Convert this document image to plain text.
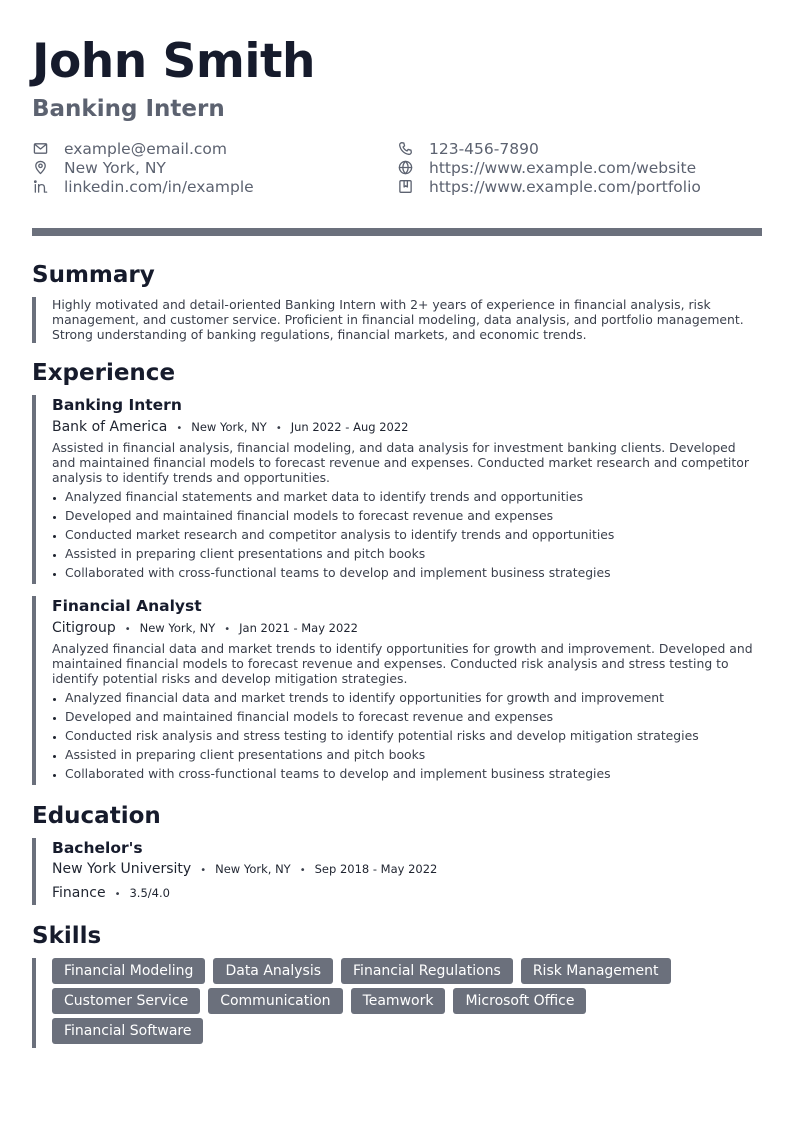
John Smith
Banking Intern
example@email.com	123-456-7890
New York, NY	https://www.example.com/website
linkedin.com/in/example	https://www.example.com/portfolio
Summary

Highly motivated and detail-oriented Banking Intern with 2+ years of experience in financial analysis, risk management, and customer service. Proficient in financial modeling, data analysis, and portfolio management. Strong understanding of banking regulations, financial markets, and economic trends.

Experience
Banking Intern
Bank of America • New York, NY • Jun 2022 - Aug 2022

Assisted in financial analysis, financial modeling, and data analysis for investment banking clients. Developed and maintained financial models to forecast revenue and expenses. Conducted market research and competitor analysis to identify trends and opportunities.

Analyzed financial statements and market data to identify trends and opportunities
Developed and maintained financial models to forecast revenue and expenses
Conducted market research and competitor analysis to identify trends and opportunities
Assisted in preparing client presentations and pitch books
Collaborated with cross-functional teams to develop and implement business strategies
Financial Analyst
Citigroup • New York, NY • Jan 2021 - May 2022

Analyzed financial data and market trends to identify opportunities for growth and improvement. Developed and maintained financial models to forecast revenue and expenses. Conducted risk analysis and stress testing to identify potential risks and develop mitigation strategies.

Analyzed financial data and market trends to identify opportunities for growth and improvement
Developed and maintained financial models to forecast revenue and expenses
Conducted risk analysis and stress testing to identify potential risks and develop mitigation strategies
Assisted in preparing client presentations and pitch books
Collaborated with cross-functional teams to develop and implement business strategies
Education
Bachelor's
New York University • New York, NY • Sep 2018 - May 2022
Finance • 3.5/4.0
Skills
Financial Modeling	Data Analysis	Financial Regulations	Risk Management
Customer Service	Communication	Teamwork	Microsoft Office
Financial Software
